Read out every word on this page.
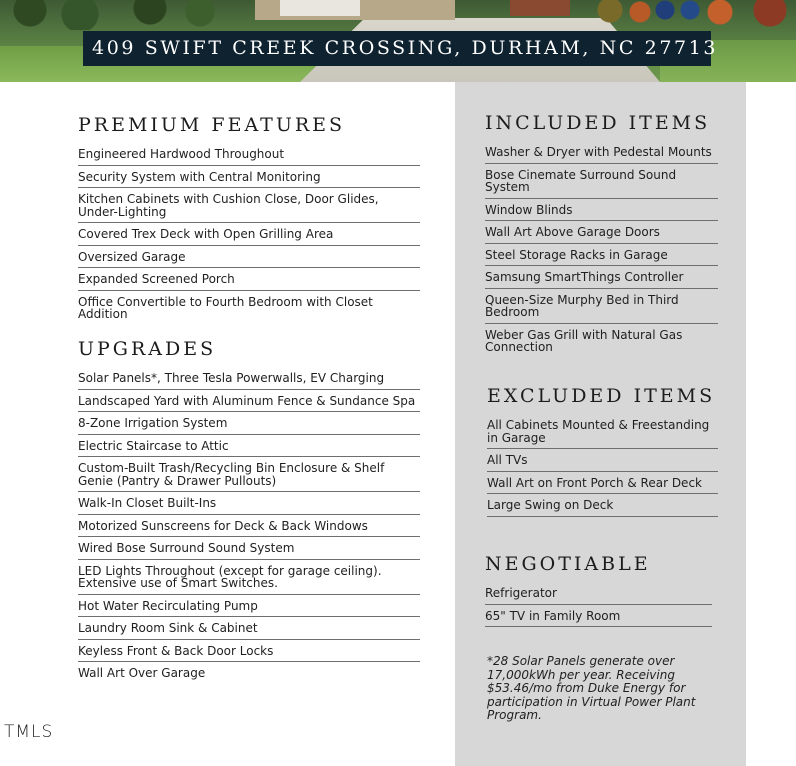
409 SWIFT CREEK CROSSING, DURHAM, NC 27713
PREMIUM FEATURES
Engineered Hardwood Throughout
Security System with Central Monitoring
Kitchen Cabinets with Cushion Close, Door Glides, Under-Lighting
Covered Trex Deck with Open Grilling Area
Oversized Garage
Expanded Screened Porch
Office Convertible to Fourth Bedroom with Closet Addition
UPGRADES
Solar Panels*, Three Tesla Powerwalls, EV Charging
Landscaped Yard with Aluminum Fence & Sundance Spa
8-Zone Irrigation System
Electric Staircase to Attic
Custom-Built Trash/Recycling Bin Enclosure & Shelf Genie (Pantry & Drawer Pullouts)
Walk-In Closet Built-Ins
Motorized Sunscreens for Deck & Back Windows
Wired Bose Surround Sound System
LED Lights Throughout (except for garage ceiling). Extensive use of Smart Switches.
Hot Water Recirculating Pump
Laundry Room Sink & Cabinet
Keyless Front & Back Door Locks
Wall Art Over Garage
INCLUDED ITEMS
Washer & Dryer with Pedestal Mounts
Bose Cinemate Surround Sound System
Window Blinds
Wall Art Above Garage Doors
Steel Storage Racks in Garage
Samsung SmartThings Controller
Queen-Size Murphy Bed in Third Bedroom
Weber Gas Grill with Natural Gas Connection
EXCLUDED ITEMS
All Cabinets Mounted & Freestanding in Garage
All TVs
Wall Art on Front Porch & Rear Deck
Large Swing on Deck
NEGOTIABLE
Refrigerator
65" TV in Family Room
*28 Solar Panels generate over 17,000kWh per year. Receiving $53.46/mo from Duke Energy for participation in Virtual Power Plant Program.
TMLS
